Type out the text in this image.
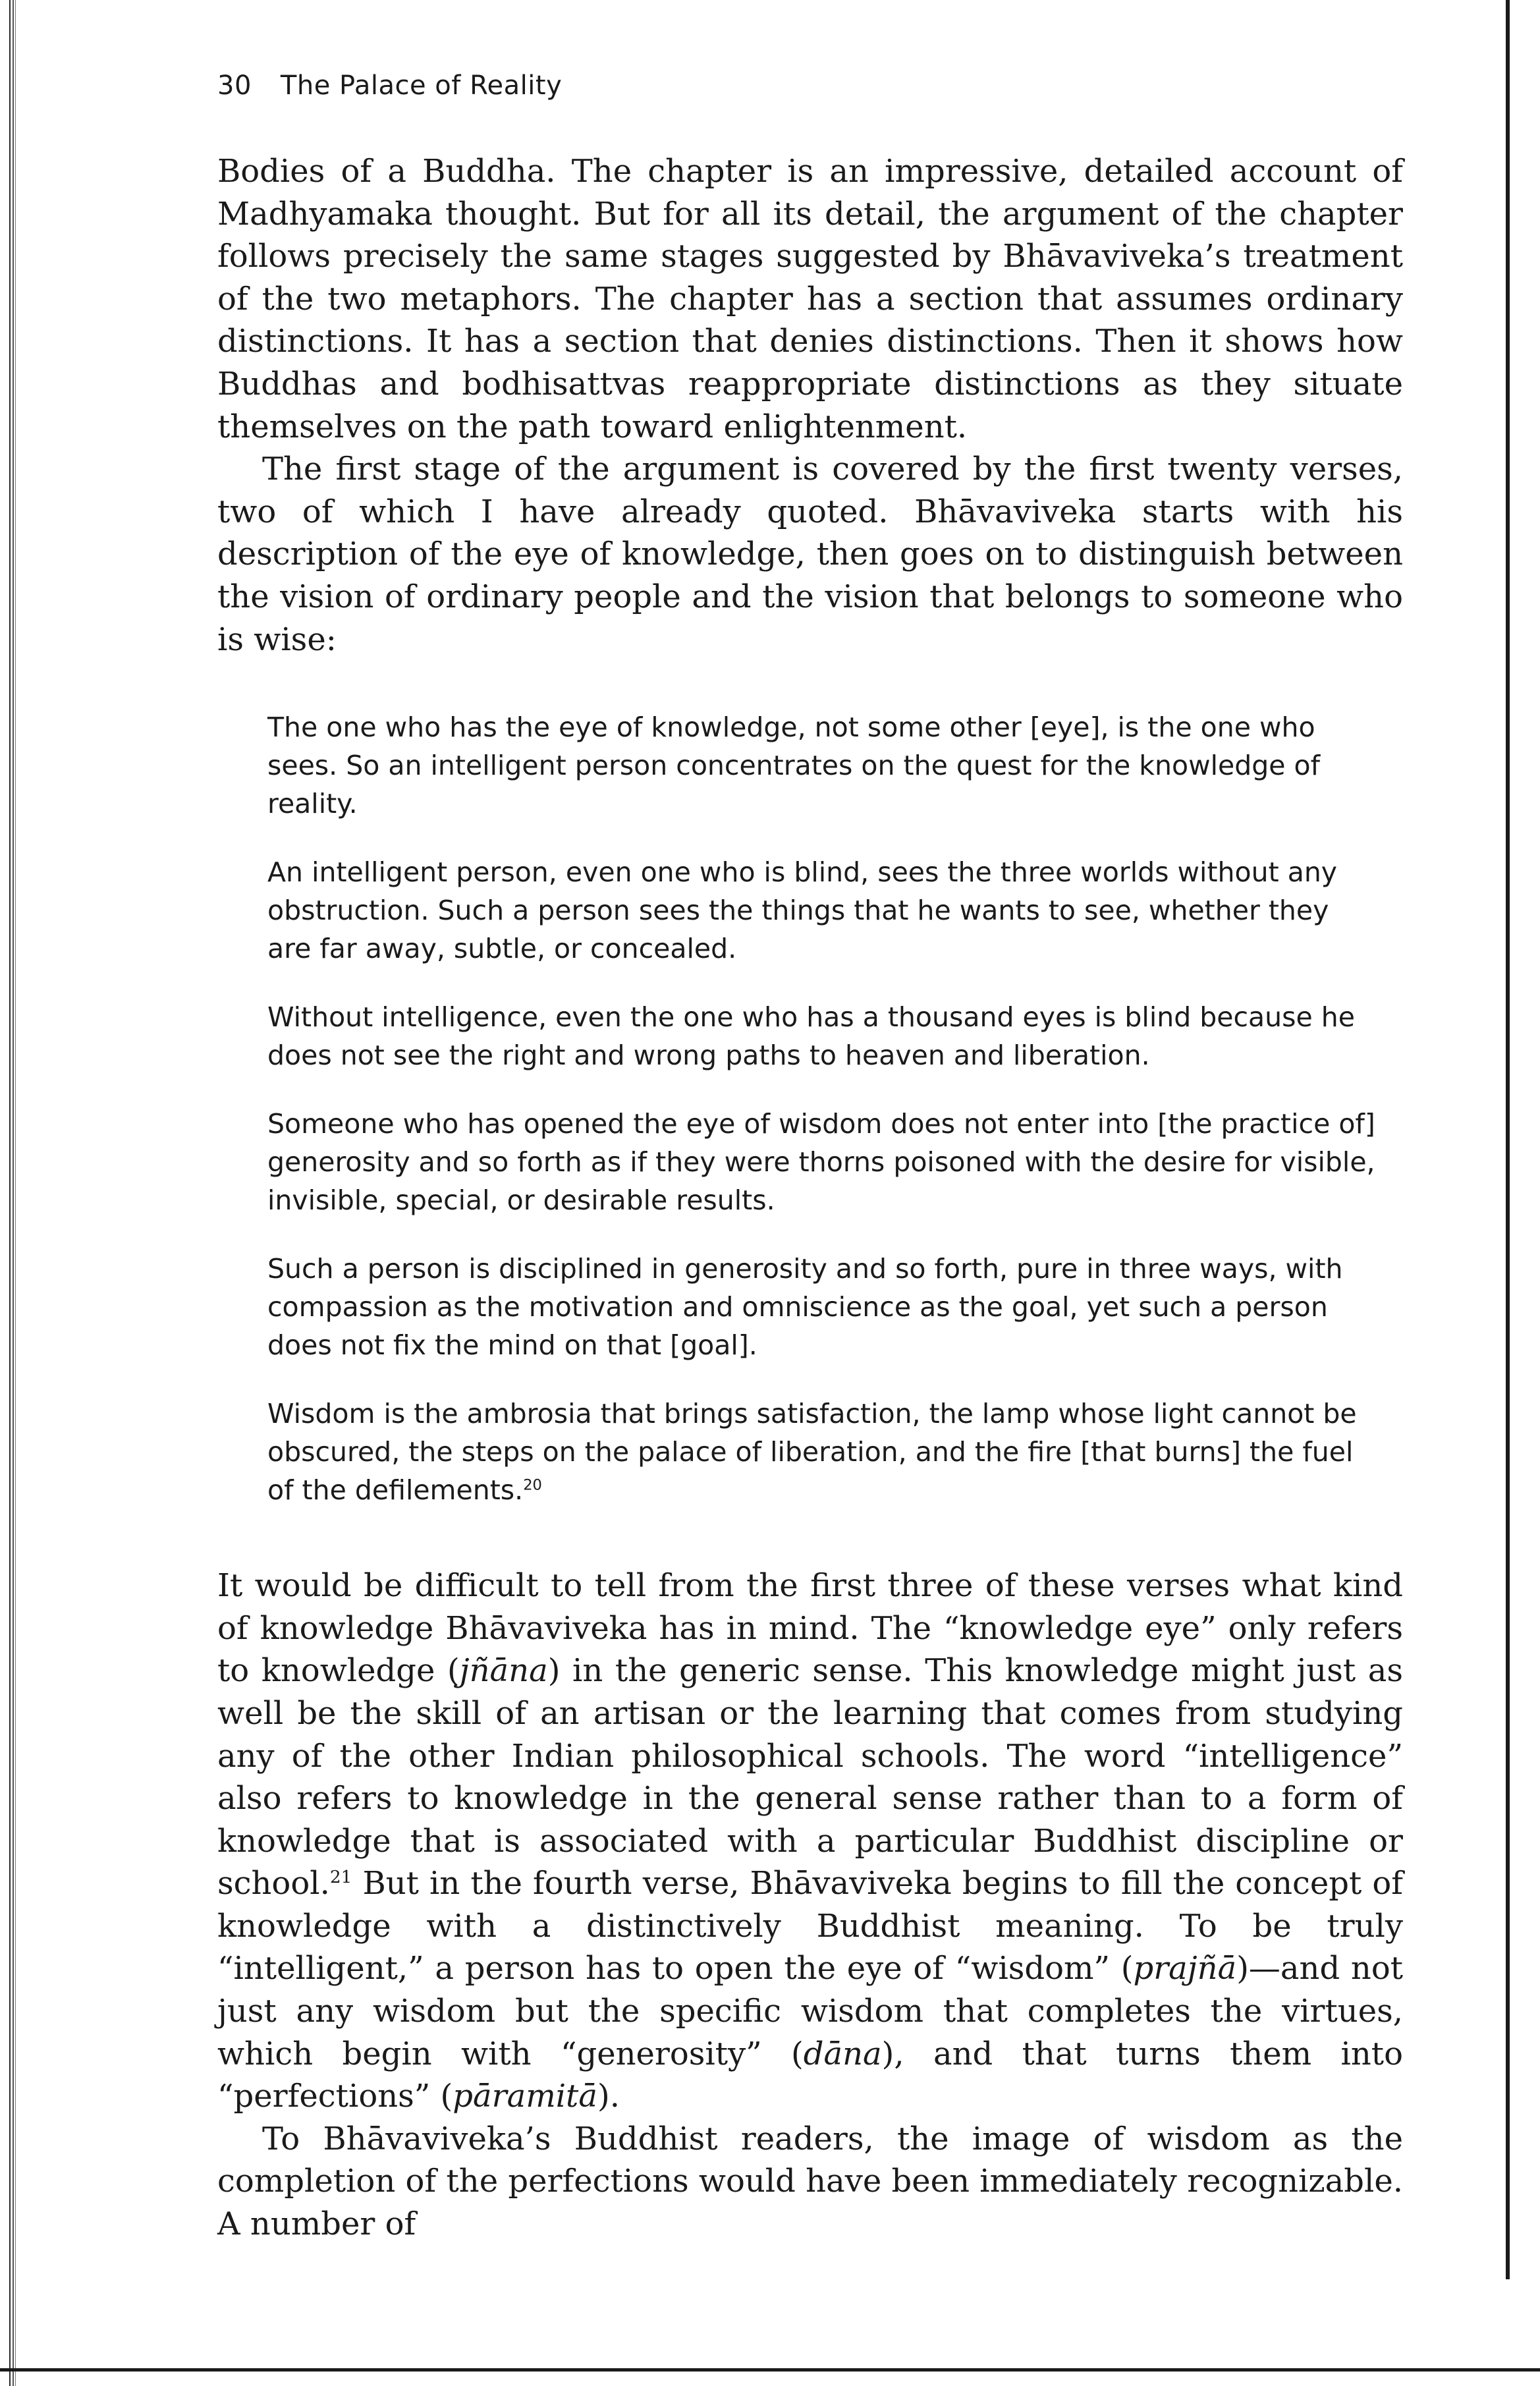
30 The Palace of Reality

Bodies of a Buddha. The chapter is an impressive, detailed account of Madhyamaka thought. But for all its detail, the argument of the chapter follows precisely the same stages suggested by Bhāvaviveka’s treatment of the two metaphors. The chapter has a section that assumes ordinary distinctions. It has a section that denies distinctions. Then it shows how Buddhas and bodhisattvas reappropriate distinctions as they situate themselves on the path toward enlightenment.

The first stage of the argument is covered by the first twenty verses, two of which I have already quoted. Bhāvaviveka starts with his description of the eye of knowledge, then goes on to distinguish between the vision of ordinary people and the vision that belongs to someone who is wise:

The one who has the eye of knowledge, not some other [eye], is the one who sees. So an intelligent person concentrates on the quest for the knowledge of reality.

An intelligent person, even one who is blind, sees the three worlds without any obstruction. Such a person sees the things that he wants to see, whether they are far away, subtle, or concealed.

Without intelligence, even the one who has a thousand eyes is blind because he does not see the right and wrong paths to heaven and liberation.

Someone who has opened the eye of wisdom does not enter into [the practice of] generosity and so forth as if they were thorns poisoned with the desire for visible, invisible, special, or desirable results.

Such a person is disciplined in generosity and so forth, pure in three ways, with compassion as the motivation and omniscience as the goal, yet such a person does not fix the mind on that [goal].

Wisdom is the ambrosia that brings satisfaction, the lamp whose light cannot be obscured, the steps on the palace of liberation, and the fire [that burns] the fuel of the defilements.$^{20}$

It would be difficult to tell from the first three of these verses what kind of knowledge Bhāvaviveka has in mind. The “knowledge eye” only refers to knowledge (jñāna) in the generic sense. This knowledge might just as well be the skill of an artisan or the learning that comes from studying any of the other Indian philosophical schools. The word “intelligence” also refers to knowledge in the general sense rather than to a form of knowledge that is associated with a particular Buddhist discipline or school.$^{21}$ But in the fourth verse, Bhāvaviveka begins to fill the concept of knowledge with a distinctively Buddhist meaning. To be truly “intelligent,” a person has to open the eye of “wisdom” (prajñā)—and not just any wisdom but the specific wisdom that completes the virtues, which begin with “generosity” (dāna), and that turns them into “perfections” (pāramitā).

To Bhāvaviveka’s Buddhist readers, the image of wisdom as the completion of the perfections would have been immediately recognizable. A number of
